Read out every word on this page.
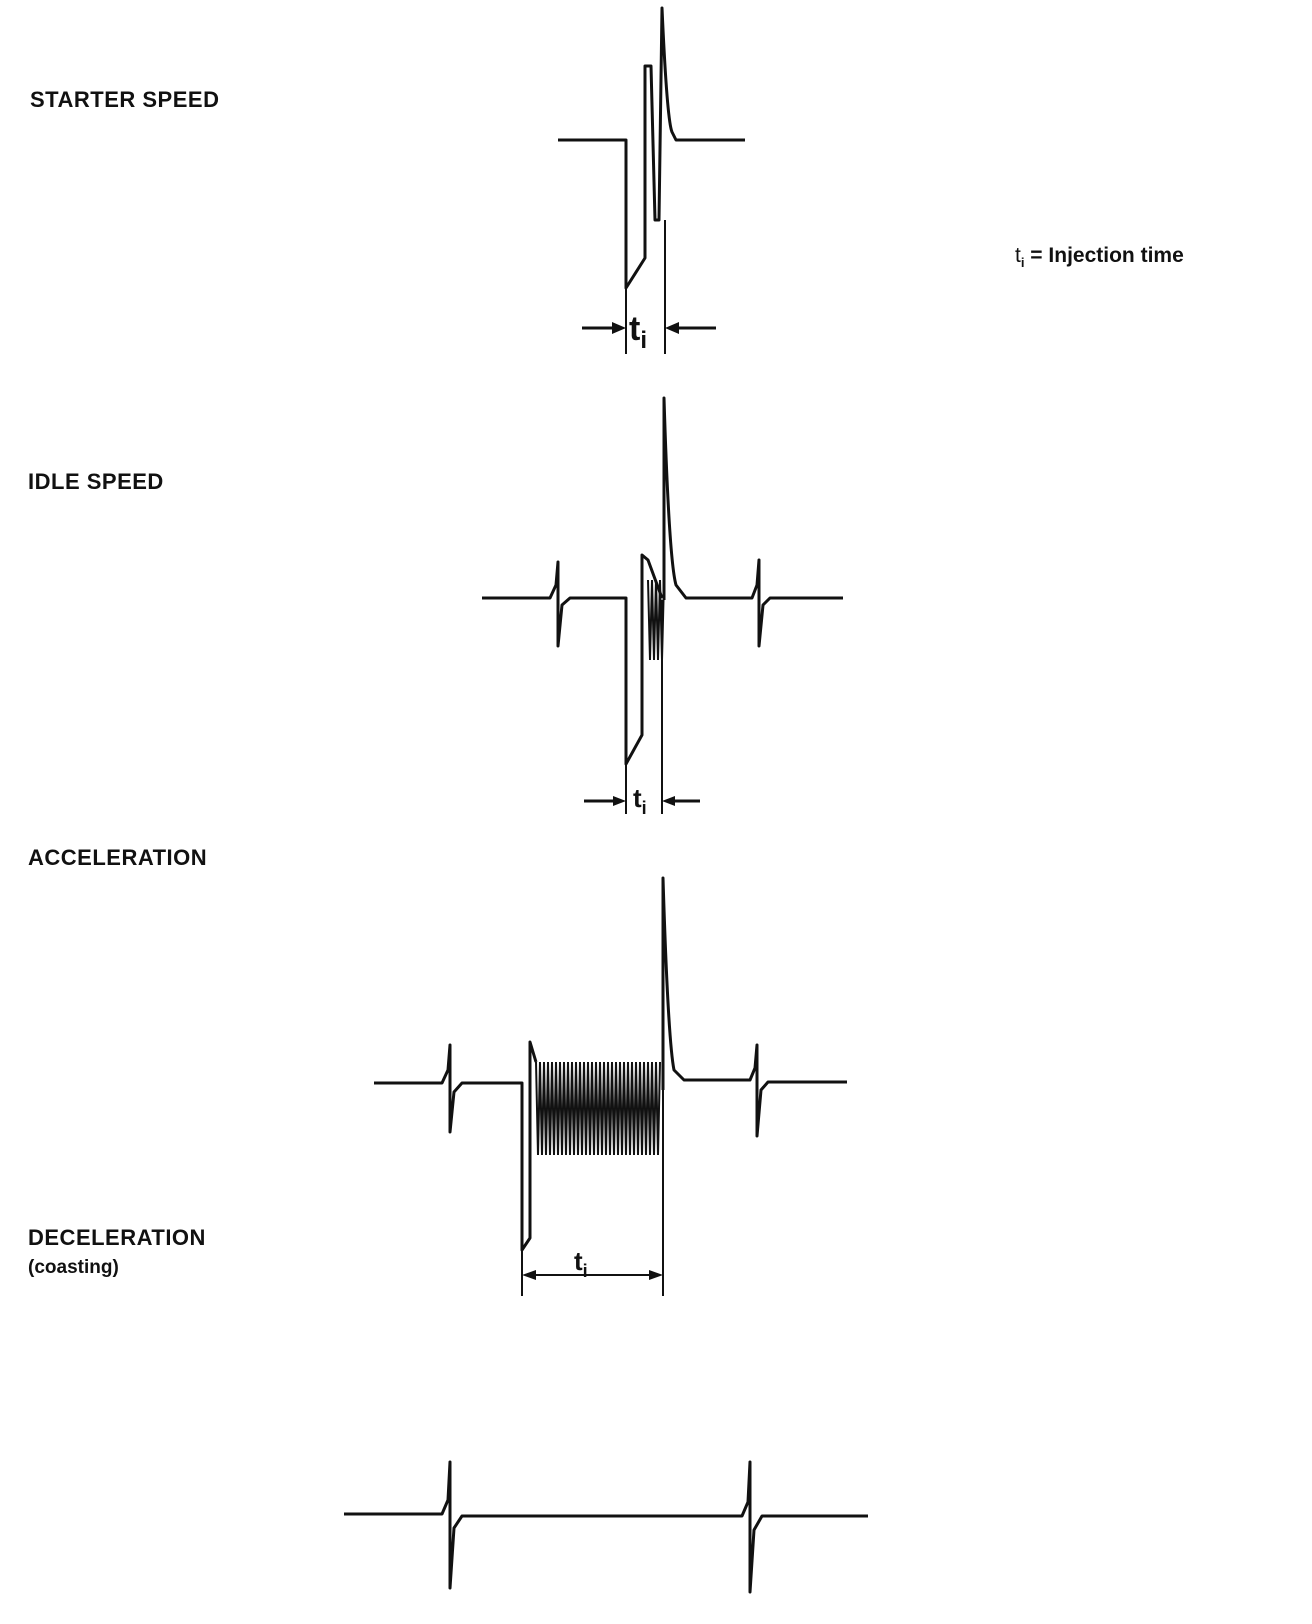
STARTER SPEED
IDLE SPEED
ACCELERATION
DECELERATION
(coasting)
$t_i$ = Injection time
$t_i$
$t_i$
$t_i$
